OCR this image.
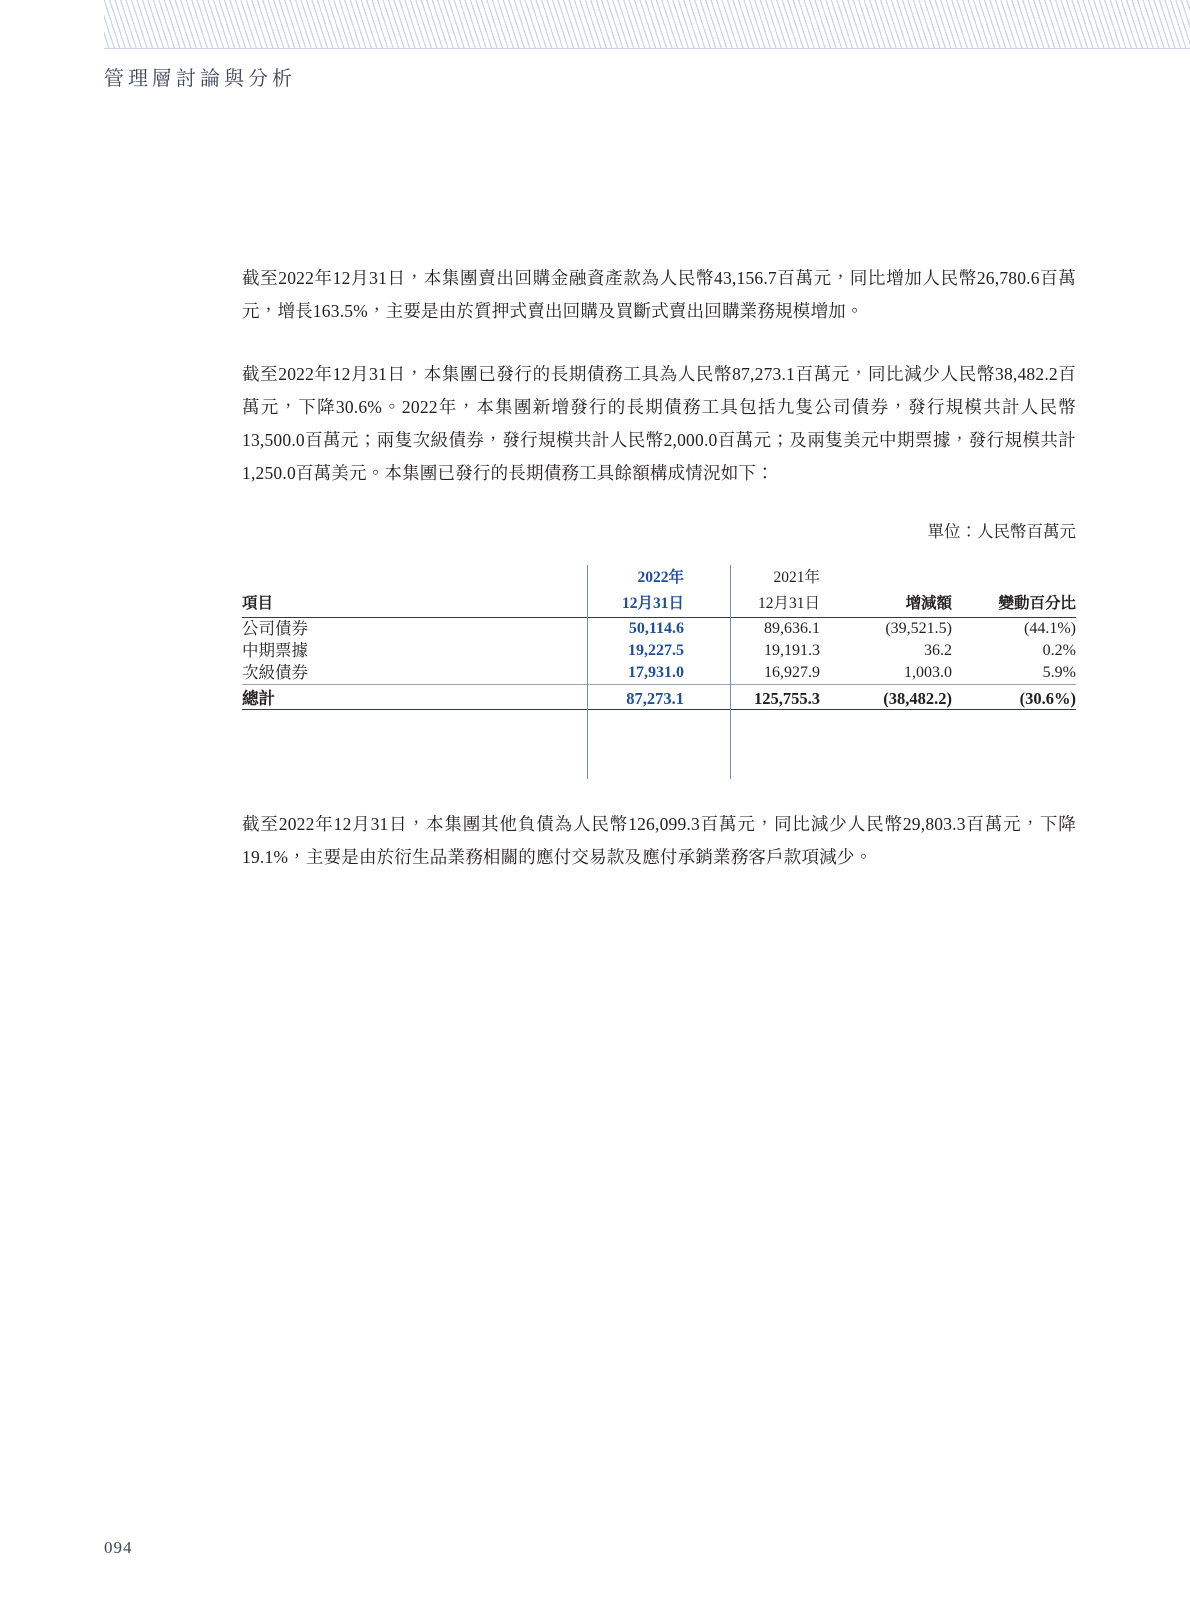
管理層討論與分析

截至2022年12月31日，本集團賣出回購金融資產款為人民幣43,156.7百萬元，同比增加人民幣26,780.6百萬元，增長163.5%，主要是由於質押式賣出回購及買斷式賣出回購業務規模增加。

截至2022年12月31日，本集團已發行的長期債務工具為人民幣87,273.1百萬元，同比減少人民幣38,482.2百萬元，下降30.6%。2022年，本集團新增發行的長期債務工具包括九隻公司債券，發行規模共計人民幣13,500.0百萬元；兩隻次級債券，發行規模共計人民幣2,000.0百萬元；及兩隻美元中期票據，發行規模共計1,250.0百萬美元。本集團已發行的長期債務工具餘額構成情況如下：

單位：人民幣百萬元
	2022年	2021年		
項目	12月31日	12月31日	增減額	變動百分比
公司債券	50,114.6	89,636.1	(39,521.5)	(44.1%)
中期票據	19,227.5	19,191.3	36.2	0.2%
次級債券	17,931.0	16,927.9	1,003.0	5.9%
總計	87,273.1	125,755.3	(38,482.2)	(30.6%)

截至2022年12月31日，本集團其他負債為人民幣126,099.3百萬元，同比減少人民幣29,803.3百萬元，下降19.1%，主要是由於衍生品業務相關的應付交易款及應付承銷業務客戶款項減少。

094
